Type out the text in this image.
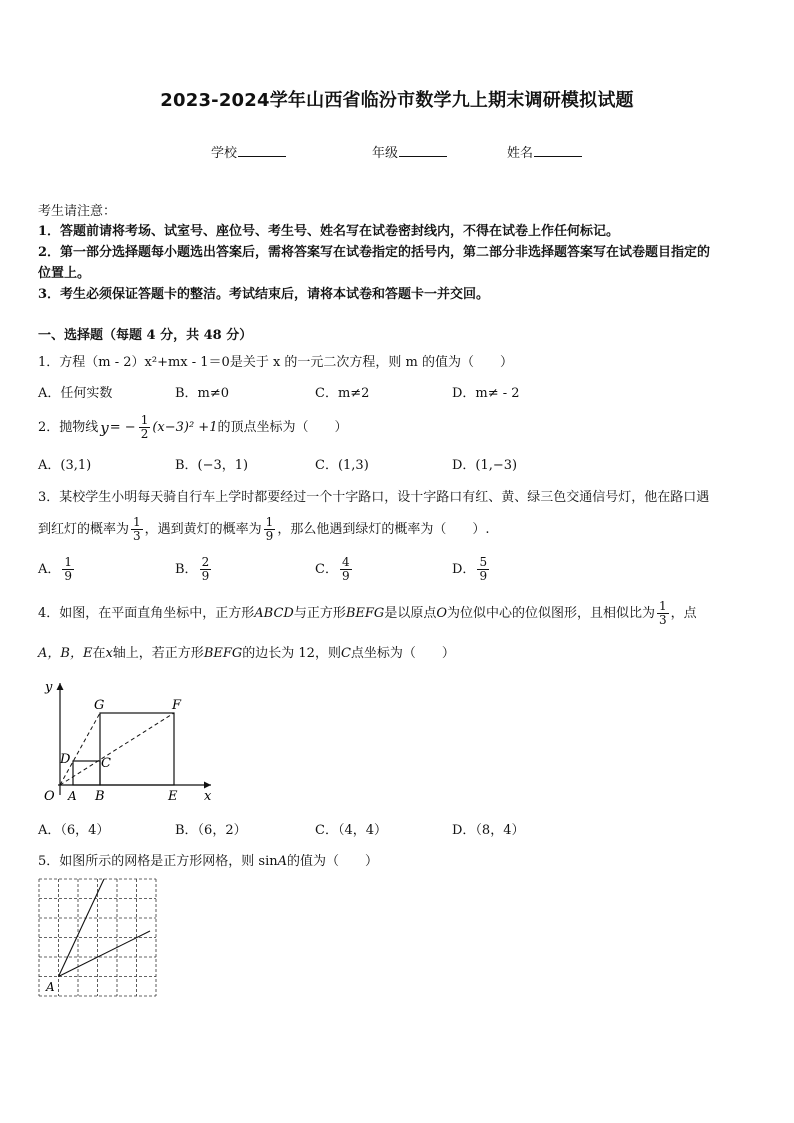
2023-2024学年山西省临汾市数学九上期末调研模拟试题
学校	年级	姓名
考生请注意：
1．答题前请将考场、试室号、座位号、考生号、姓名写在试卷密封线内，不得在试卷上作任何标记。
2．第一部分选择题每小题选出答案后，需将答案写在试卷指定的括号内，第二部分非选择题答案写在试卷题目指定的
位置上。
3．考生必须保证答题卡的整洁。考试结束后，请将本试卷和答题卡一并交回。
一、选择题（每题 4 分，共 48 分）
1．方程（m - 2）x²+mx - 1＝0是关于 x 的一元二次方程，则 m 的值为（　　）
A．任何实数	B．m≠0	C．m≠2	D．m≠ - 2
2．抛物线 y = − $\frac{1}{2} (x-3)^2 +1$ 的顶点坐标为（　　）
A．(3,1)	B．(−3，1)	C．(1,3)	D．(1,−3)
3．某校学生小明每天骑自行车上学时都要经过一个十字路口，设十字路口有红、黄、绿三色交通信号灯，他在路口遇
到红灯的概率为 $\frac{1}{3}$ ，遇到黄灯的概率为 $\frac{1}{9}$ ，那么他遇到绿灯的概率为（　　）.
A． $\frac{1}{9}$	B． $\frac{2}{9}$	C． $\frac{4}{9}$	D． $\frac{5}{9}$
4．如图，在平面直角坐标中，正方形 ABCD 与正方形 BEFG 是以原点 O 为位似中心的位似图形，且相似比为 $\frac{1}{3}$ ，点
A，B，E在x轴上，若正方形BEFG的边长为 12，则C点坐标为（　　）
y
x
O A B	E
G	F
D C
A．（6，4）	B．（6，2）	C．（4，4）	D．（8，4）
5．如图所示的网格是正方形网格，则 sinA的值为（　　）
A
